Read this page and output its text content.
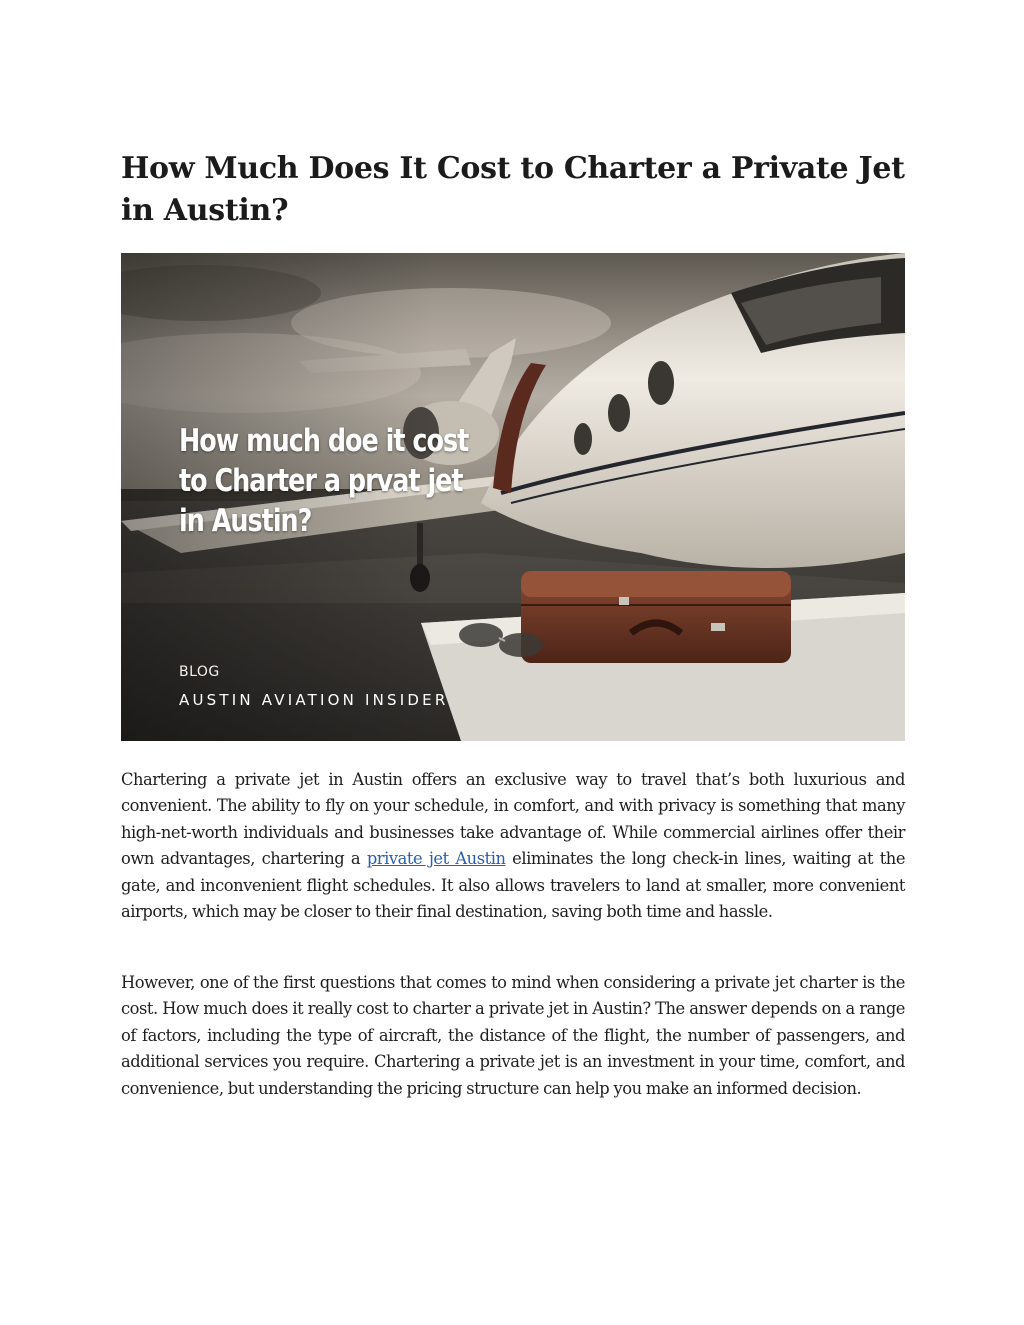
How Much Does It Cost to Charter a Private Jet in Austin?
How much doe it cost
to Charter a prvat jet
in Austin?
BLOG
AUSTIN AVIATION INSIDER

Chartering a private jet in Austin offers an exclusive way to travel that’s both luxurious and convenient. The ability to fly on your schedule, in comfort, and with privacy is something that many high-net-worth individuals and businesses take advantage of. While commercial airlines offer their own advantages, chartering a private jet Austin eliminates the long check-in lines, waiting at the gate, and inconvenient flight schedules. It also allows travelers to land at smaller, more convenient airports, which may be closer to their final destination, saving both time and hassle.

However, one of the first questions that comes to mind when considering a private jet charter is the cost. How much does it really cost to charter a private jet in Austin? The answer depends on a range of factors, including the type of aircraft, the distance of the flight, the number of passengers, and additional services you require. Chartering a private jet is an investment in your time, comfort, and convenience, but understanding the pricing structure can help you make an informed decision.
